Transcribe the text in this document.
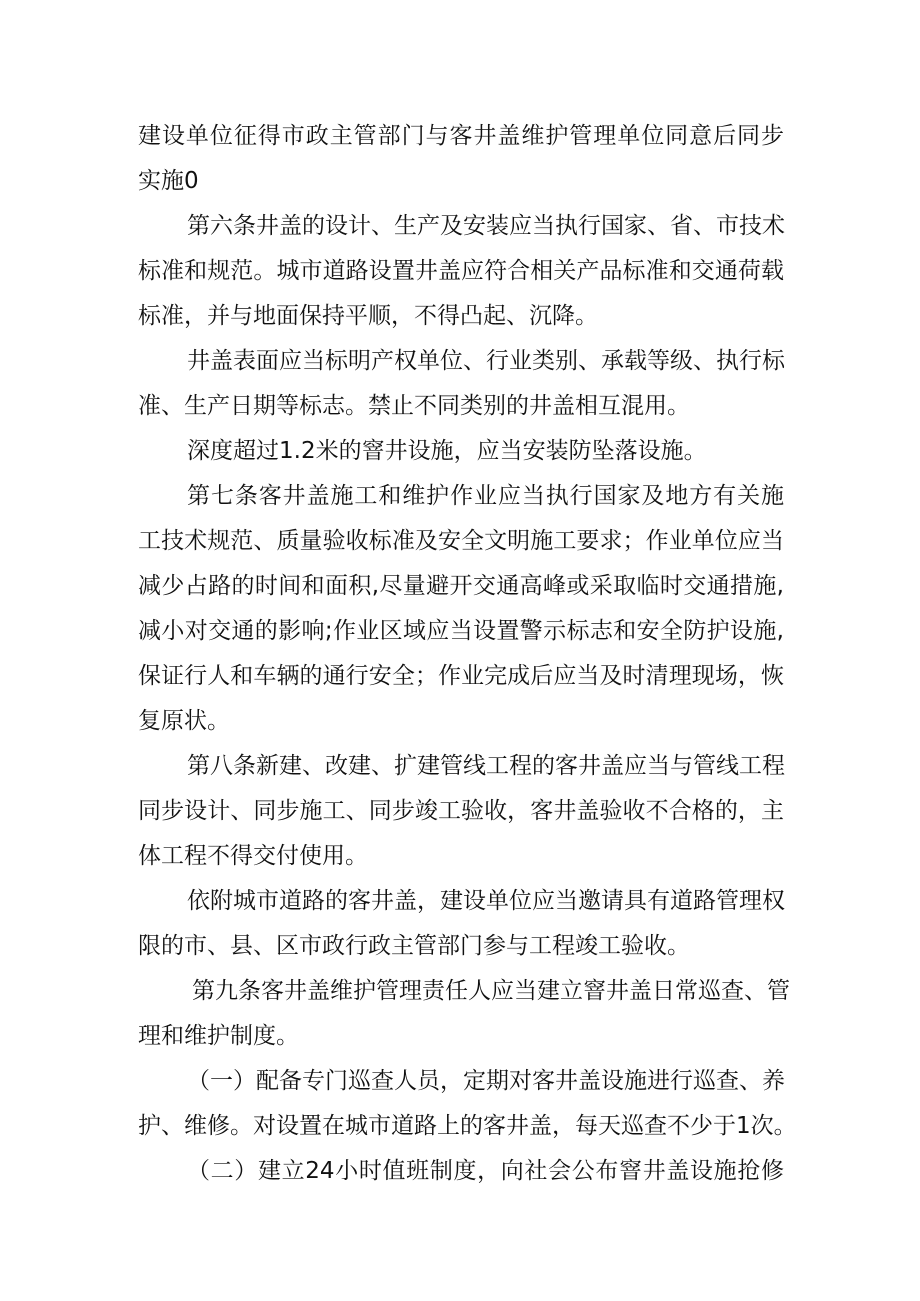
建设单位征得市政主管部门与客井盖维护管理单位同意后同步

实施0

第六条井盖的设计、生产及安装应当执行国家、省、市技术

标准和规范。城市道路设置井盖应符合相关产品标准和交通荷载

标准，并与地面保持平顺，不得凸起、沉降。

井盖表面应当标明产权单位、行业类别、承载等级、执行标

准、生产日期等标志。禁止不同类别的井盖相互混用。

深度超过1.2米的窨井设施，应当安装防坠落设施。

第七条客井盖施工和维护作业应当执行国家及地方有关施

工技术规范、质量验收标准及安全文明施工要求；作业单位应当

减少占路的时间和面积,尽量避开交通高峰或采取临时交通措施,

减小对交通的影响;作业区域应当设置警示标志和安全防护设施,

保证行人和车辆的通行安全；作业完成后应当及时清理现场，恢

复原状。

第八条新建、改建、扩建管线工程的客井盖应当与管线工程

同步设计、同步施工、同步竣工验收，客井盖验收不合格的，主

体工程不得交付使用。

依附城市道路的客井盖，建设单位应当邀请具有道路管理权

限的市、县、区市政行政主管部门参与工程竣工验收。

第九条客井盖维护管理责任人应当建立窨井盖日常巡查、管

理和维护制度。

（一）配备专门巡查人员，定期对客井盖设施进行巡查、养

护、维修。对设置在城市道路上的客井盖，每天巡查不少于1次。

（二）建立24小时值班制度，向社会公布窨井盖设施抢修
